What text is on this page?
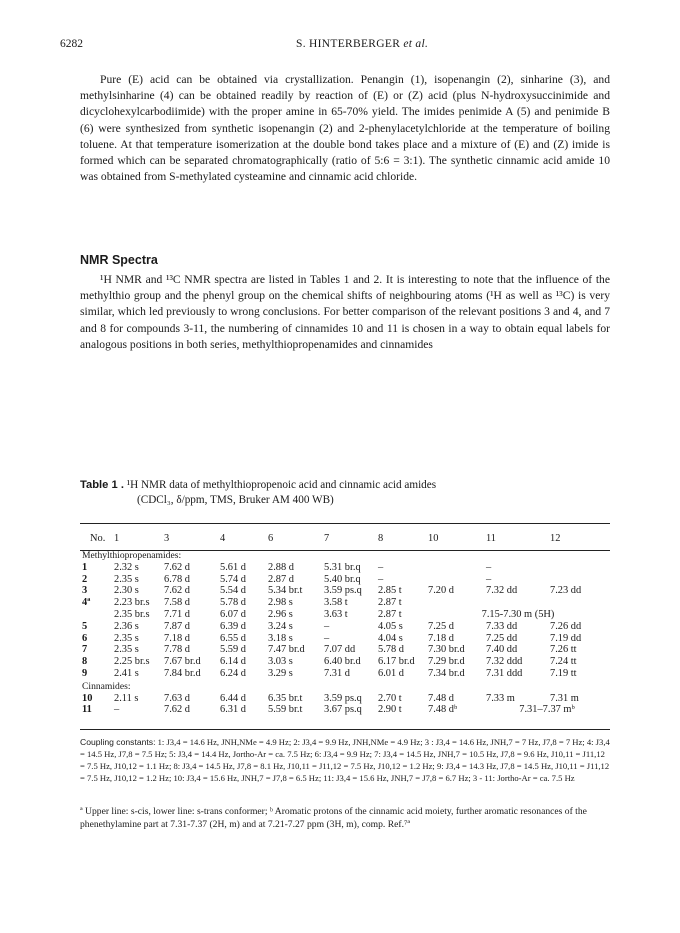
6282	S. HINTERBERGER et al.

Pure (E) acid can be obtained via crystallization. Penangin (1), isopenangin (2), sinharine (3), and methylsinharine (4) can be obtained readily by reaction of (E) or (Z) acid (plus N-hydroxysuccinimide and dicyclohexylcarbodiimide) with the proper amine in 65-70% yield. The imides penimide A (5) and penimide B (6) were synthesized from synthetic isopenangin (2) and 2-phenylacetylchloride at the temperature of boiling toluene. At that temperature isomerization at the double bond takes place and a mixture of (E) and (Z) imide is formed which can be separated chromatographically (ratio of 5:6 = 3:1). The synthetic cinnamic acid amide 10 was obtained from S-methylated cysteamine and cinnamic acid chloride.

NMR Spectra

¹H NMR and ¹³C NMR spectra are listed in Tables 1 and 2. It is interesting to note that the influence of the methylthio group and the phenyl group on the chemical shifts of neighbouring atoms (¹H as well as ¹³C) is very similar, which led previously to wrong conclusions. For better comparison of the relevant positions 3 and 4, and 7 and 8 for compounds 3-11, the numbering of cinnamides 10 and 11 is chosen in a way to obtain equal labels for analogous positions in both series, methylthiopropenamides and cinnamides

Table 1 . ¹H NMR data of methylthiopropenoic acid and cinnamic acid amides
(CDCl₃, δ/ppm, TMS, Bruker AM 400 WB)
No.	1	3	4	6	7	8	10	11	12
Methylthiopropenamides:									
1	2.32 s	7.62 d	5.61 d	2.88 d	5.31 br.q	–		–	
2	2.35 s	6.78 d	5.74 d	2.87 d	5.40 br.q	–		–	
3	2.30 s	7.62 d	5.54 d	5.34 br.t	3.59 ps.q	2.85 t	7.20 d	7.32 dd	7.23 dd
4ª	2.23 br.s	7.58 d	5.78 d	2.98 s	3.58 t	2.87 t			
	2.35 br.s	7.71 d	6.07 d	2.96 s	3.63 t	2.87 t	7.15-7.30 m (5H)		
5	2.36 s	7.87 d	6.39 d	3.24 s	–	4.05 s	7.25 d	7.33 dd	7.26 dd
6	2.35 s	7.18 d	6.55 d	3.18 s	–	4.04 s	7.18 d	7.25 dd	7.19 dd
7	2.35 s	7.78 d	5.59 d	7.47 br.d	7.07 dd	5.78 d	7.30 br.d	7.40 dd	7.26 tt
8	2.25 br.s	7.67 br.d	6.14 d	3.03 s	6.40 br.d	6.17 br.d	7.29 br.d	7.32 ddd	7.24 tt
9	2.41 s	7.84 br.d	6.24 d	3.29 s	7.31 d	6.01 d	7.34 br.d	7.31 ddd	7.19 tt
Cinnamides:									
10	2.11 s	7.63 d	6.44 d	6.35 br.t	3.59 ps.q	2.70 t	7.48 d	7.33 m	7.31 m
11	–	7.62 d	6.31 d	5.59 br.t	3.67 ps.q	2.90 t	7.48 dᵇ	7.31–7.37 mᵇ	
Coupling constants: 1: J3,4 = 14.6 Hz, JNH,NMe = 4.9 Hz; 2: J3,4 = 9.9 Hz, JNH,NMe = 4.9 Hz; 3 : J3,4 = 14.6 Hz, JNH,7 = 7 Hz, J7,8 = 7 Hz; 4: J3,4 = 14.5 Hz, J7,8 = 7.5 Hz; 5: J3,4 = 14.4 Hz, Jortho-Ar = ca. 7.5 Hz; 6: J3,4 = 9.9 Hz; 7: J3,4 = 14.5 Hz, JNH,7 = 10.5 Hz, J7,8 = 9.6 Hz, J10,11 = J11,12 = 7.5 Hz, J10,12 = 1.1 Hz; 8: J3,4 = 14.5 Hz, J7,8 = 8.1 Hz, J10,11 = J11,12 = 7.5 Hz, J10,12 = 1.2 Hz; 9: J3,4 = 14.3 Hz, J7,8 = 14.5 Hz, J10,11 = J11,12 = 7.5 Hz, J10,12 = 1.2 Hz; 10: J3,4 = 15.6 Hz, JNH,7 = J7,8 = 6.5 Hz; 11: J3,4 = 15.6 Hz, JNH,7 = J7,8 = 6.7 Hz; 3 - 11: Jortho-Ar = ca. 7.5 Hz
ª Upper line: s-cis, lower line: s-trans conformer; ᵇ Aromatic protons of the cinnamic acid moiety, further aromatic resonances of the phenethylamine part at 7.31-7.37 (2H, m) and at 7.21-7.27 ppm (3H, m), comp. Ref.⁷ª
